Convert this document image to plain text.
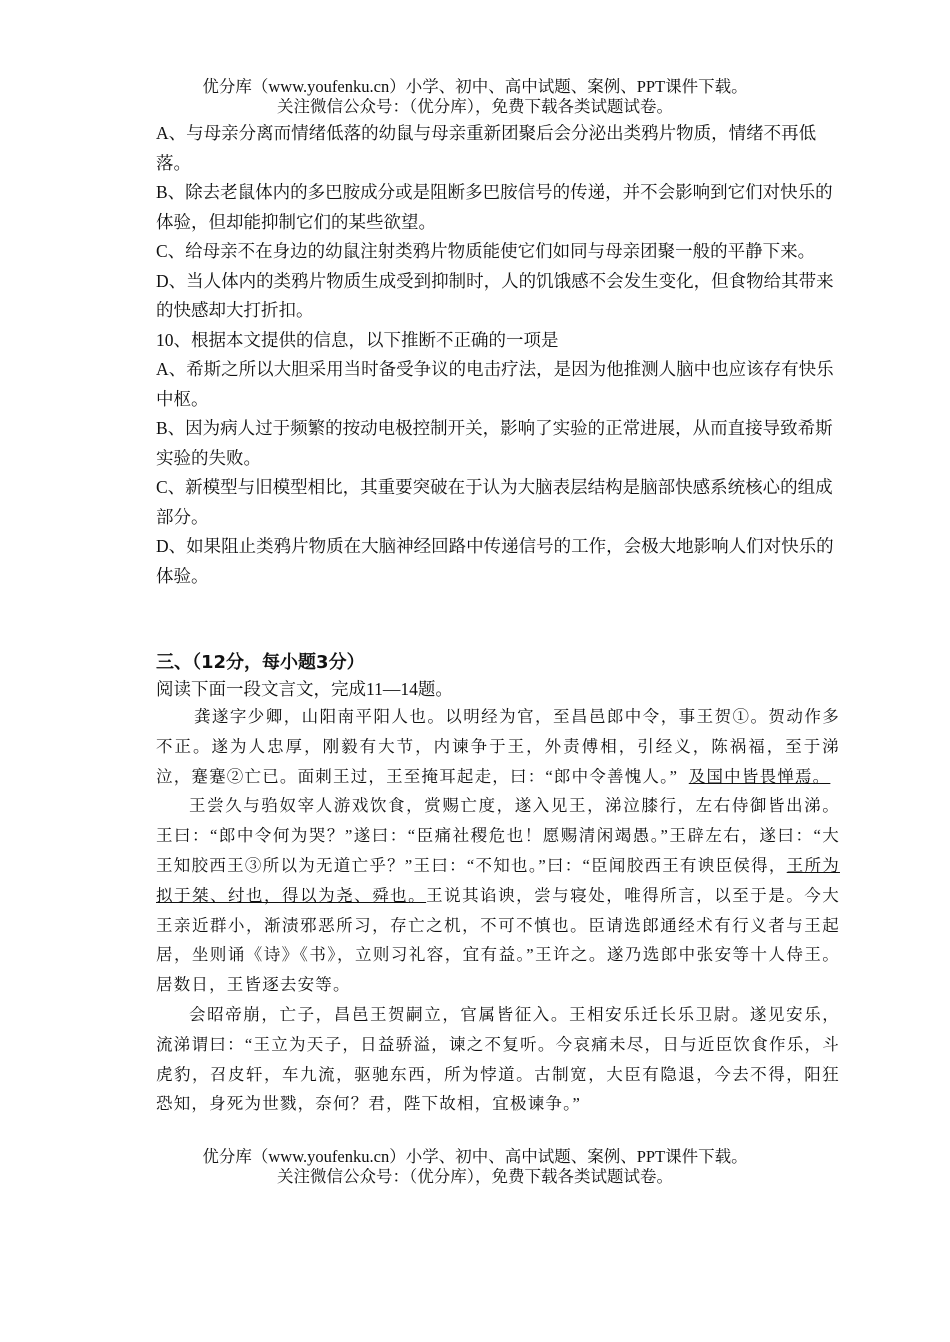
优分库（www.youfenku.cn）小学、初中、高中试题、案例、PPT课件下载。
关注微信公众号：（优分库），免费下载各类试题试卷。

A、与母亲分离而情绪低落的幼鼠与母亲重新团聚后会分泌出类鸦片物质，情绪不再低落。

B、除去老鼠体内的多巴胺成分或是阻断多巴胺信号的传递，并不会影响到它们对快乐的体验，但却能抑制它们的某些欲望。

C、给母亲不在身边的幼鼠注射类鸦片物质能使它们如同与母亲团聚一般的平静下来。

D、当人体内的类鸦片物质生成受到抑制时，人的饥饿感不会发生变化，但食物给其带来的快感却大打折扣。

10、根据本文提供的信息，以下推断不正确的一项是

A、希斯之所以大胆采用当时备受争议的电击疗法，是因为他推测人脑中也应该存有快乐中枢。

B、因为病人过于频繁的按动电极控制开关，影响了实验的正常进展，从而直接导致希斯实验的失败。

C、新模型与旧模型相比，其重要突破在于认为大脑表层结构是脑部快感系统核心的组成部分。

D、如果阻止类鸦片物质在大脑神经回路中传递信号的工作，会极大地影响人们对快乐的体验。

三、（12分，每小题3分）
阅读下面一段文言文，完成11—14题。

龚遂字少卿，山阳南平阳人也。以明经为官，至昌邑郎中令，事王贺①。贺动作多不正。遂为人忠厚，刚毅有大节，内谏争于王，外责傅相，引经义，陈祸福，至于涕泣，蹇蹇②亡已。面刺王过，王至掩耳起走，曰：“郎中令善愧人。” 及国中皆畏惮焉。

王尝久与驺奴宰人游戏饮食，赏赐亡度，遂入见王，涕泣膝行，左右侍御皆出涕。王曰：“郎中令何为哭？”遂曰：“臣痛社稷危也！愿赐清闲竭愚。”王辟左右，遂曰：“大王知胶西王③所以为无道亡乎？”王曰：“不知也。”曰：“臣闻胶西王有谀臣侯得，王所为拟于桀、纣也，得以为尧、舜也。王说其谄谀，尝与寝处，唯得所言，以至于是。今大王亲近群小，渐渍邪恶所习，存亡之机，不可不慎也。臣请选郎通经术有行义者与王起居，坐则诵《诗》《书》，立则习礼容，宜有益。”王许之。遂乃选郎中张安等十人侍王。居数日，王皆逐去安等。

会昭帝崩，亡子，昌邑王贺嗣立，官属皆征入。王相安乐迁长乐卫尉。遂见安乐，流涕谓曰：“王立为天子，日益骄溢，谏之不复听。今哀痛未尽，日与近臣饮食作乐，斗虎豹，召皮轩，车九流，驱驰东西，所为悖道。古制宽，大臣有隐退，今去不得，阳狂恐知，身死为世戮，奈何？君，陛下故相，宜极谏争。”

优分库（www.youfenku.cn）小学、初中、高中试题、案例、PPT课件下载。
关注微信公众号：（优分库），免费下载各类试题试卷。
